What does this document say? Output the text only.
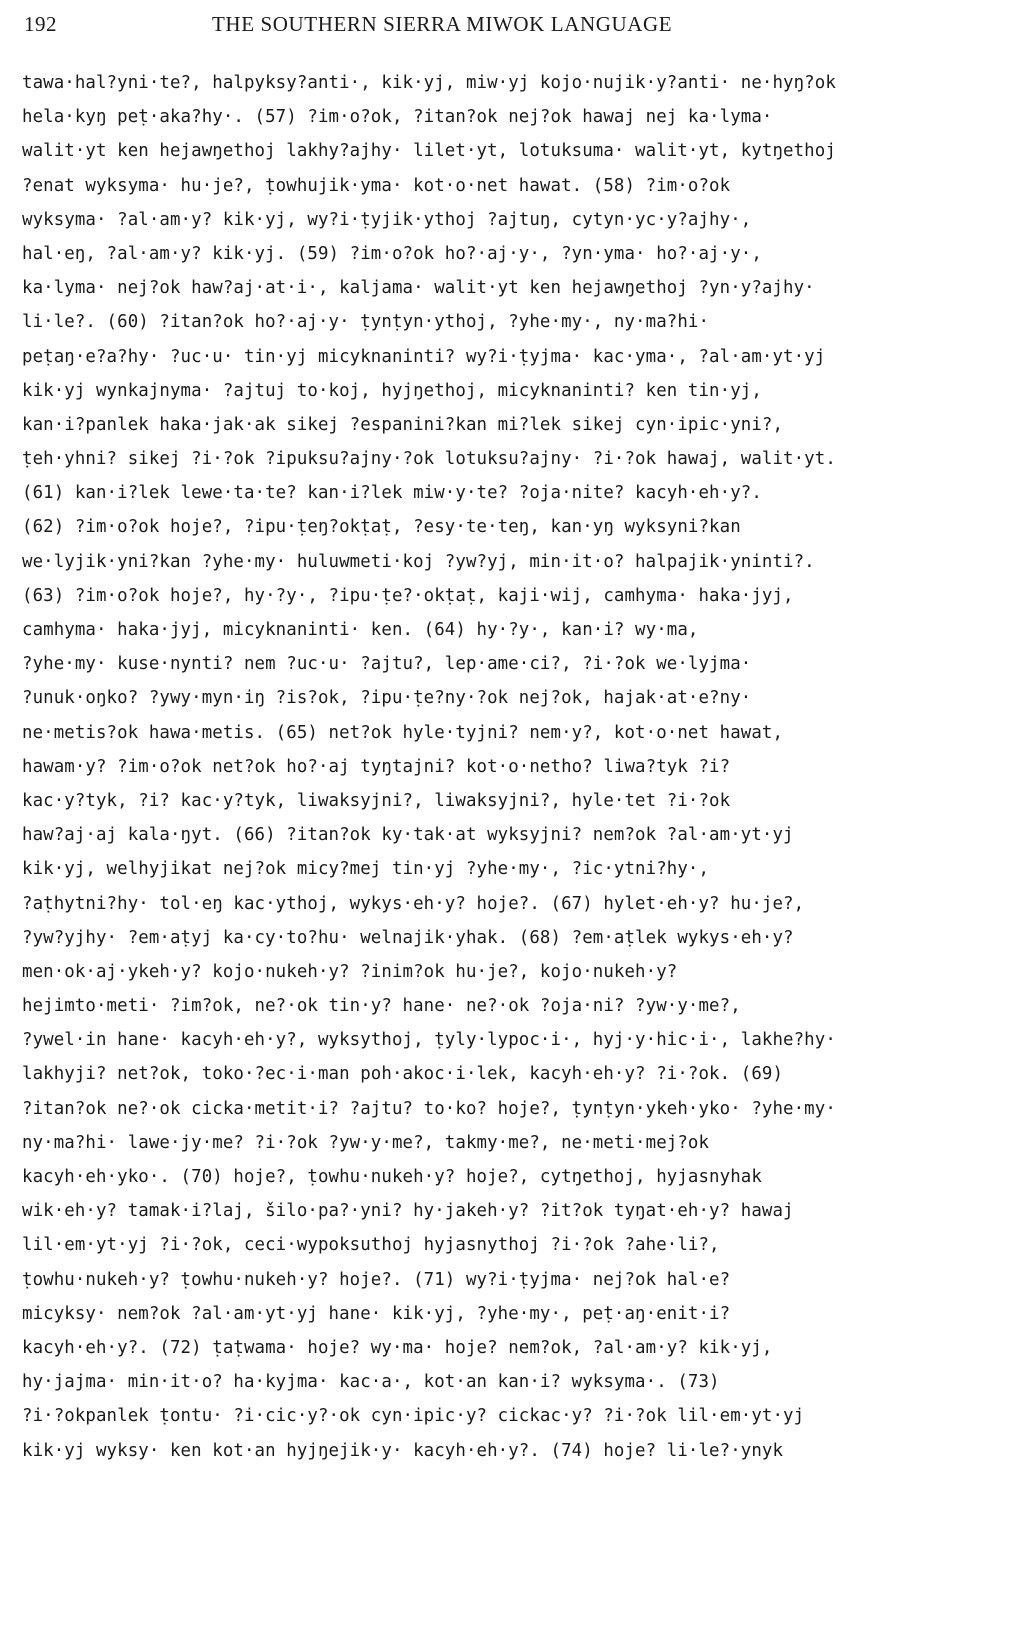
192	THE SOUTHERN SIERRA MIWOK LANGUAGE
tawa·hal?yni·te?, halpyksy?anti·, kik·yj, miw·yj kojo·nujik·y?anti· ne·hyŋ?ok
hela·kyŋ peṭ·aka?hy·. (57) ?im·o?ok, ?itan?ok nej?ok hawaj nej ka·lyma·
walit·yt ken hejawŋethoj lakhy?ajhy· lilet·yt, lotuksuma· walit·yt, kytŋethoj
?enat wyksyma· hu·je?, ṭowhujik·yma· kot·o·net hawat. (58) ?im·o?ok
wyksyma· ?al·am·y? kik·yj, wy?i·ṭyjik·ythoj ?ajtuŋ, cytyn·yc·y?ajhy·,
hal·eŋ, ?al·am·y? kik·yj. (59) ?im·o?ok ho?·aj·y·, ?yn·yma· ho?·aj·y·,
ka·lyma· nej?ok haw?aj·at·i·, kaljama· walit·yt ken hejawŋethoj ?yn·y?ajhy·
li·le?. (60) ?itan?ok ho?·aj·y· ṭynṭyn·ythoj, ?yhe·my·, ny·ma?hi·
peṭaŋ·e?a?hy· ?uc·u· tin·yj micyknaninti? wy?i·ṭyjma· kac·yma·, ?al·am·yt·yj
kik·yj wynkajnyma· ?ajtuj to·koj, hyjŋethoj, micyknaninti? ken tin·yj,
kan·i?panlek haka·jak·ak sikej ?espanini?kan mi?lek sikej cyn·ipic·yni?,
ṭeh·yhni? sikej ?i·?ok ?ipuksu?ajny·?ok lotuksu?ajny· ?i·?ok hawaj, walit·yt.
(61) kan·i?lek lewe·ta·te? kan·i?lek miw·y·te? ?oja·nite? kacyh·eh·y?.
(62) ?im·o?ok hoje?, ?ipu·ṭeŋ?okṭaṭ, ?esy·te·teŋ, kan·yŋ wyksyni?kan
we·lyjik·yni?kan ?yhe·my· huluwmeti·koj ?yw?yj, min·it·o? halpajik·yninti?.
(63) ?im·o?ok hoje?, hy·?y·, ?ipu·ṭe?·okṭaṭ, kaji·wij, camhyma· haka·jyj,
camhyma· haka·jyj, micyknaninti· ken. (64) hy·?y·, kan·i? wy·ma,
?yhe·my· kuse·nynti? nem ?uc·u· ?ajtu?, lep·ame·ci?, ?i·?ok we·lyjma·
?unuk·oŋko? ?ywy·myn·iŋ ?is?ok, ?ipu·ṭe?ny·?ok nej?ok, hajak·at·e?ny·
ne·metis?ok hawa·metis. (65) net?ok hyle·tyjni? nem·y?, kot·o·net hawat,
hawam·y? ?im·o?ok net?ok ho?·aj tyŋtajni? kot·o·netho? liwa?tyk ?i?
kac·y?tyk, ?i? kac·y?tyk, liwaksyjni?, liwaksyjni?, hyle·tet ?i·?ok
haw?aj·aj kala·ŋyt. (66) ?itan?ok ky·tak·at wyksyjni? nem?ok ?al·am·yt·yj
kik·yj, welhyjikat nej?ok micy?mej tin·yj ?yhe·my·, ?ic·ytni?hy·,
?aṭhytni?hy· tol·eŋ kac·ythoj, wykys·eh·y? hoje?. (67) hylet·eh·y? hu·je?,
?yw?yjhy· ?em·aṭyj ka·cy·to?hu· welnajik·yhak. (68) ?em·aṭlek wykys·eh·y?
men·ok·aj·ykeh·y? kojo·nukeh·y? ?inim?ok hu·je?, kojo·nukeh·y?
hejimto·meti· ?im?ok, ne?·ok tin·y? hane· ne?·ok ?oja·ni? ?yw·y·me?,
?ywel·in hane· kacyh·eh·y?, wyksythoj, ṭyly·lypoc·i·, hyj·y·hic·i·, lakhe?hy·
lakhyji? net?ok, toko·?ec·i·man poh·akoc·i·lek, kacyh·eh·y? ?i·?ok. (69)
?itan?ok ne?·ok cicka·metit·i? ?ajtu? to·ko? hoje?, ṭynṭyn·ykeh·yko· ?yhe·my·
ny·ma?hi· lawe·jy·me? ?i·?ok ?yw·y·me?, takmy·me?, ne·meti·mej?ok
kacyh·eh·yko·. (70) hoje?, ṭowhu·nukeh·y? hoje?, cytŋethoj, hyjasnyhak
wik·eh·y? tamak·i?laj, šilo·pa?·yni? hy·jakeh·y? ?it?ok tyŋat·eh·y? hawaj
lil·em·yt·yj ?i·?ok, ceci·wypoksuthoj hyjasnythoj ?i·?ok ?ahe·li?,
ṭowhu·nukeh·y? ṭowhu·nukeh·y? hoje?. (71) wy?i·ṭyjma· nej?ok hal·e?
micyksy· nem?ok ?al·am·yt·yj hane· kik·yj, ?yhe·my·, peṭ·aŋ·enit·i?
kacyh·eh·y?. (72) ṭaṭwama· hoje? wy·ma· hoje? nem?ok, ?al·am·y? kik·yj,
hy·jajma· min·it·o? ha·kyjma· kac·a·, kot·an kan·i? wyksyma·. (73)
?i·?okpanlek ṭontu· ?i·cic·y?·ok cyn·ipic·y? cickac·y? ?i·?ok lil·em·yt·yj
kik·yj wyksy· ken kot·an hyjŋejik·y· kacyh·eh·y?. (74) hoje? li·le?·ynyk
